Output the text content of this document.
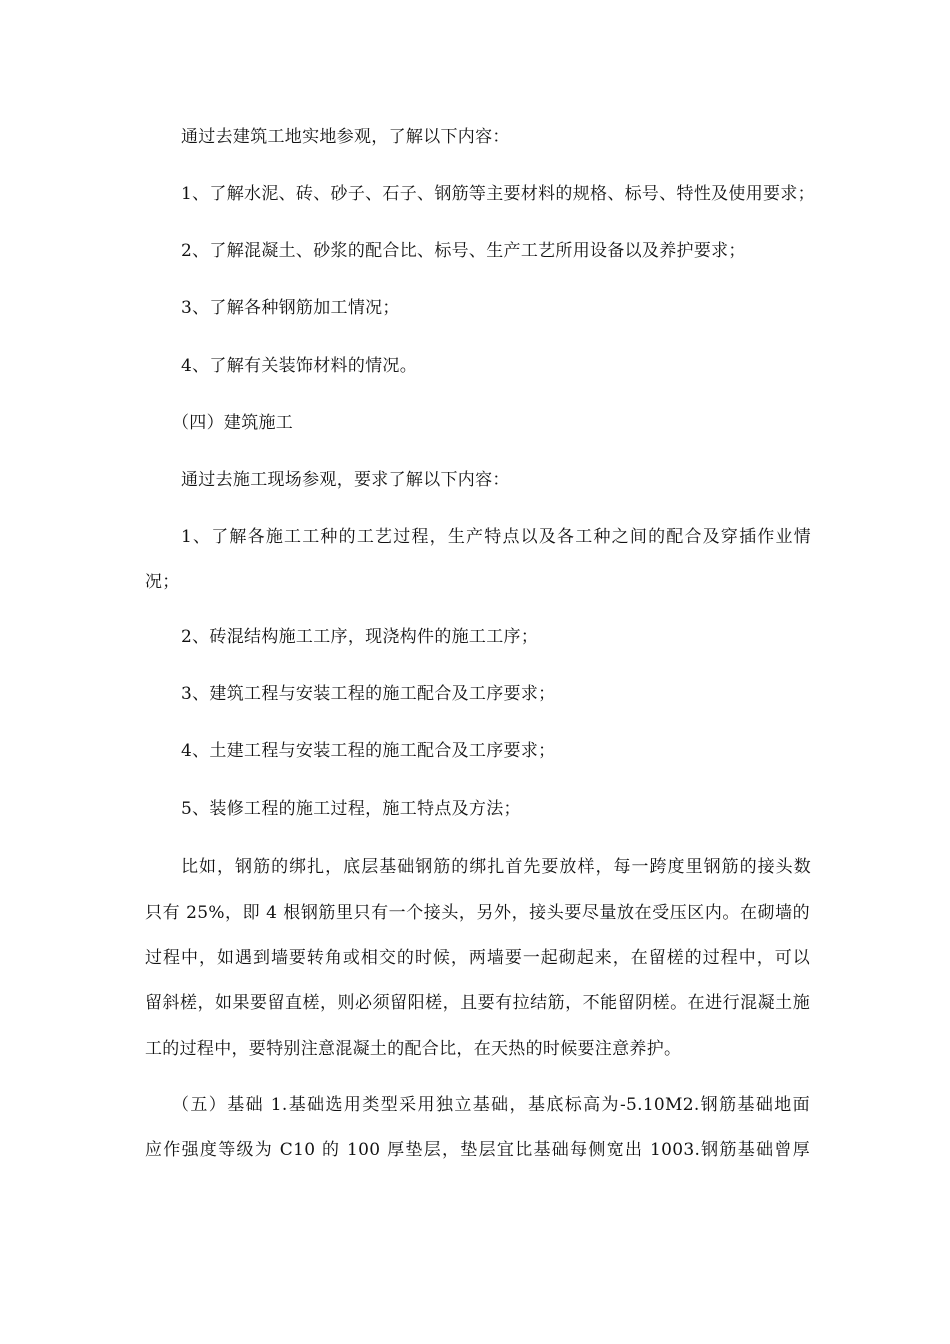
通过去建筑工地实地参观，了解以下内容：
1、了解水泥、砖、砂子、石子、钢筋等主要材料的规格、标号、特性及使用要求；
2、了解混凝土、砂浆的配合比、标号、生产工艺所用设备以及养护要求；
3、了解各种钢筋加工情况；
4、了解有关装饰材料的情况。
（四）建筑施工
通过去施工现场参观，要求了解以下内容：
1、了解各施工工种的工艺过程，生产特点以及各工种之间的配合及穿插作业情
况；
2、砖混结构施工工序，现浇构件的施工工序；
3、建筑工程与安装工程的施工配合及工序要求；
4、土建工程与安装工程的施工配合及工序要求；
5、装修工程的施工过程，施工特点及方法；
比如，钢筋的绑扎，底层基础钢筋的绑扎首先要放样，每一跨度里钢筋的接头数
只有 25%，即 4 根钢筋里只有一个接头，另外，接头要尽量放在受压区内。在砌墙的
过程中，如遇到墙要转角或相交的时候，两墙要一起砌起来，在留槎的过程中，可以
留斜槎，如果要留直槎，则必须留阳槎，且要有拉结筋，不能留阴槎。在进行混凝土施
工的过程中，要特别注意混凝土的配合比，在天热的时候要注意养护。
（五）基础 1.基础选用类型采用独立基础，基底标高为-5.10M2.钢筋基础地面
应作强度等级为 C10 的 100 厚垫层，垫层宜比基础每侧宽出 1003.钢筋基础曾厚
